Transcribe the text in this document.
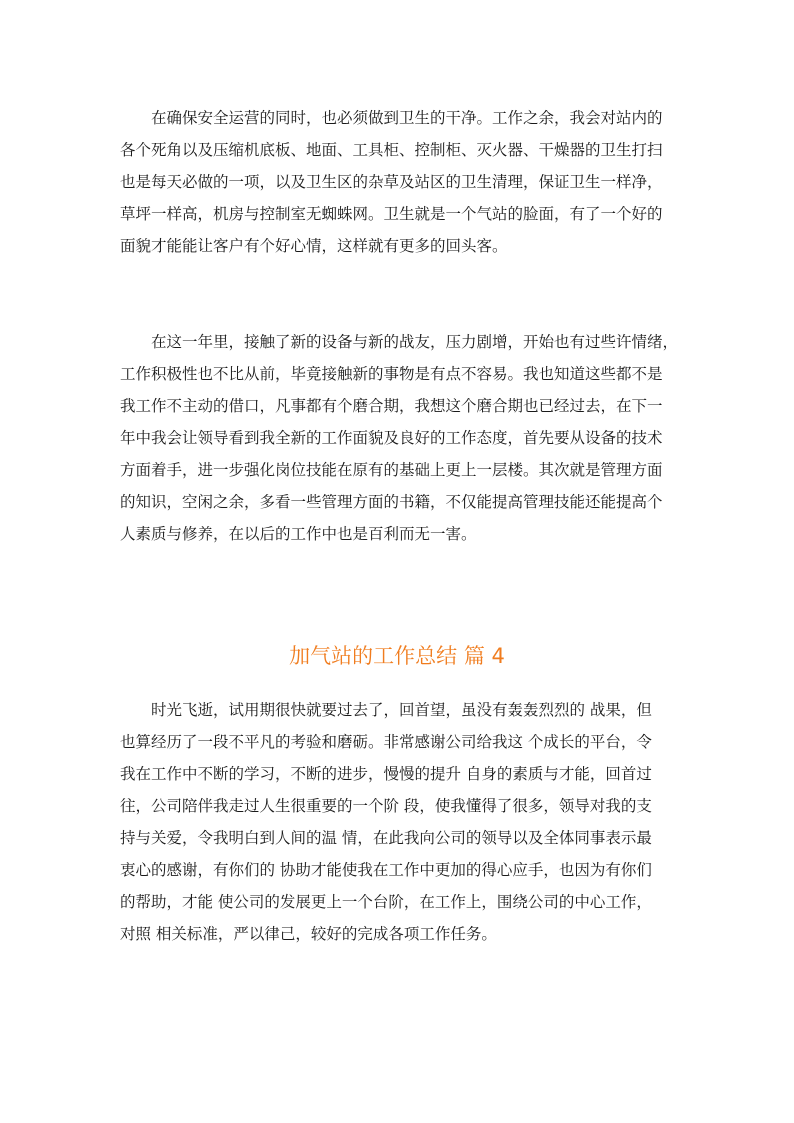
　　在确保安全运营的同时，也必须做到卫生的干净。工作之余，我会对站内的
各个死角以及压缩机底板、地面、工具柜、控制柜、灭火器、干燥器的卫生打扫
也是每天必做的一项，以及卫生区的杂草及站区的卫生清理，保证卫生一样净，
草坪一样高，机房与控制室无蜘蛛网。卫生就是一个气站的脸面，有了一个好的
面貌才能能让客户有个好心情，这样就有更多的回头客。
　　在这一年里，接触了新的设备与新的战友，压力剧增，开始也有过些许情绪，
工作积极性也不比从前，毕竟接触新的事物是有点不容易。我也知道这些都不是
我工作不主动的借口，凡事都有个磨合期，我想这个磨合期也已经过去，在下一
年中我会让领导看到我全新的工作面貌及良好的工作态度，首先要从设备的技术
方面着手，进一步强化岗位技能在原有的基础上更上一层楼。其次就是管理方面
的知识，空闲之余，多看一些管理方面的书籍，不仅能提高管理技能还能提高个
人素质与修养，在以后的工作中也是百利而无一害。
加气站的工作总结 篇 4
　　时光飞逝，试用期很快就要过去了，回首望，虽没有轰轰烈烈的 战果，但
也算经历了一段不平凡的考验和磨砺。非常感谢公司给我这 个成长的平台，令
我在工作中不断的学习，不断的进步，慢慢的提升 自身的素质与才能，回首过
往，公司陪伴我走过人生很重要的一个阶 段，使我懂得了很多，领导对我的支
持与关爱，令我明白到人间的温 情，在此我向公司的领导以及全体同事表示最
衷心的感谢，有你们的 协助才能使我在工作中更加的得心应手，也因为有你们
的帮助，才能 使公司的发展更上一个台阶，在工作上，围绕公司的中心工作，
对照 相关标准，严以律己，较好的完成各项工作任务。
